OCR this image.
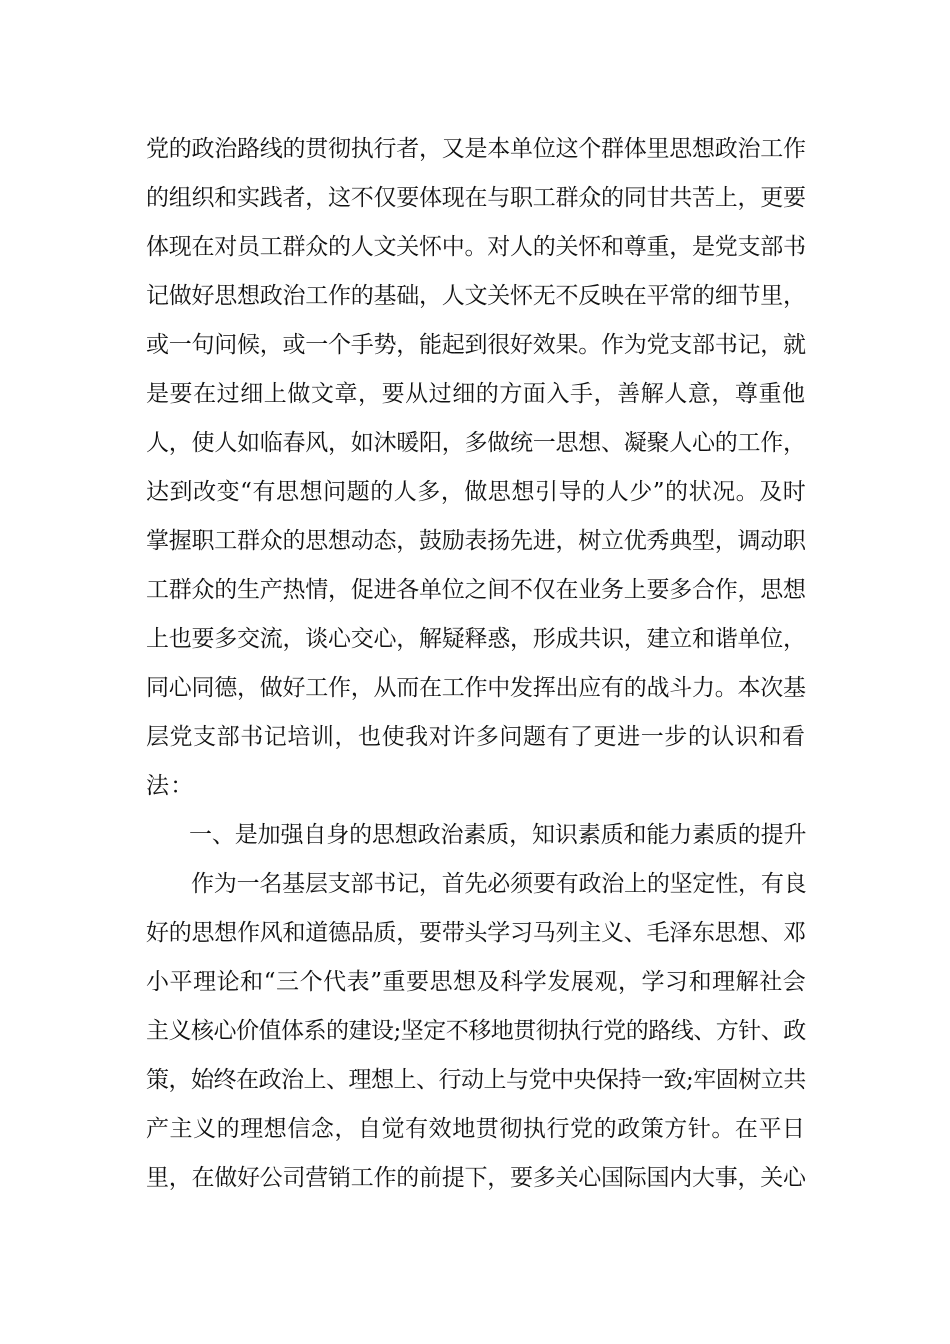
党的政治路线的贯彻执行者，又是本单位这个群体里思想政治工作
的组织和实践者，这不仅要体现在与职工群众的同甘共苦上，更要
体现在对员工群众的人文关怀中。对人的关怀和尊重，是党支部书
记做好思想政治工作的基础，人文关怀无不反映在平常的细节里，
或一句问候，或一个手势，能起到很好效果。作为党支部书记，就
是要在过细上做文章，要从过细的方面入手，善解人意，尊重他
人，使人如临春风，如沐暖阳，多做统一思想、凝聚人心的工作，
达到改变“有思想问题的人多，做思想引导的人少”的状况。及时
掌握职工群众的思想动态，鼓励表扬先进，树立优秀典型，调动职
工群众的生产热情，促进各单位之间不仅在业务上要多合作，思想
上也要多交流，谈心交心，解疑释惑，形成共识，建立和谐单位，
同心同德，做好工作，从而在工作中发挥出应有的战斗力。本次基
层党支部书记培训，也使我对许多问题有了更进一步的认识和看
法：
一、是加强自身的思想政治素质，知识素质和能力素质的提升
作为一名基层支部书记，首先必须要有政治上的坚定性，有良
好的思想作风和道德品质，要带头学习马列主义、毛泽东思想、邓
小平理论和“三个代表”重要思想及科学发展观，学习和理解社会
主义核心价值体系的建设;坚定不移地贯彻执行党的路线、方针、政
策，始终在政治上、理想上、行动上与党中央保持一致;牢固树立共
产主义的理想信念，自觉有效地贯彻执行党的政策方针。在平日
里，在做好公司营销工作的前提下，要多关心国际国内大事，关心
